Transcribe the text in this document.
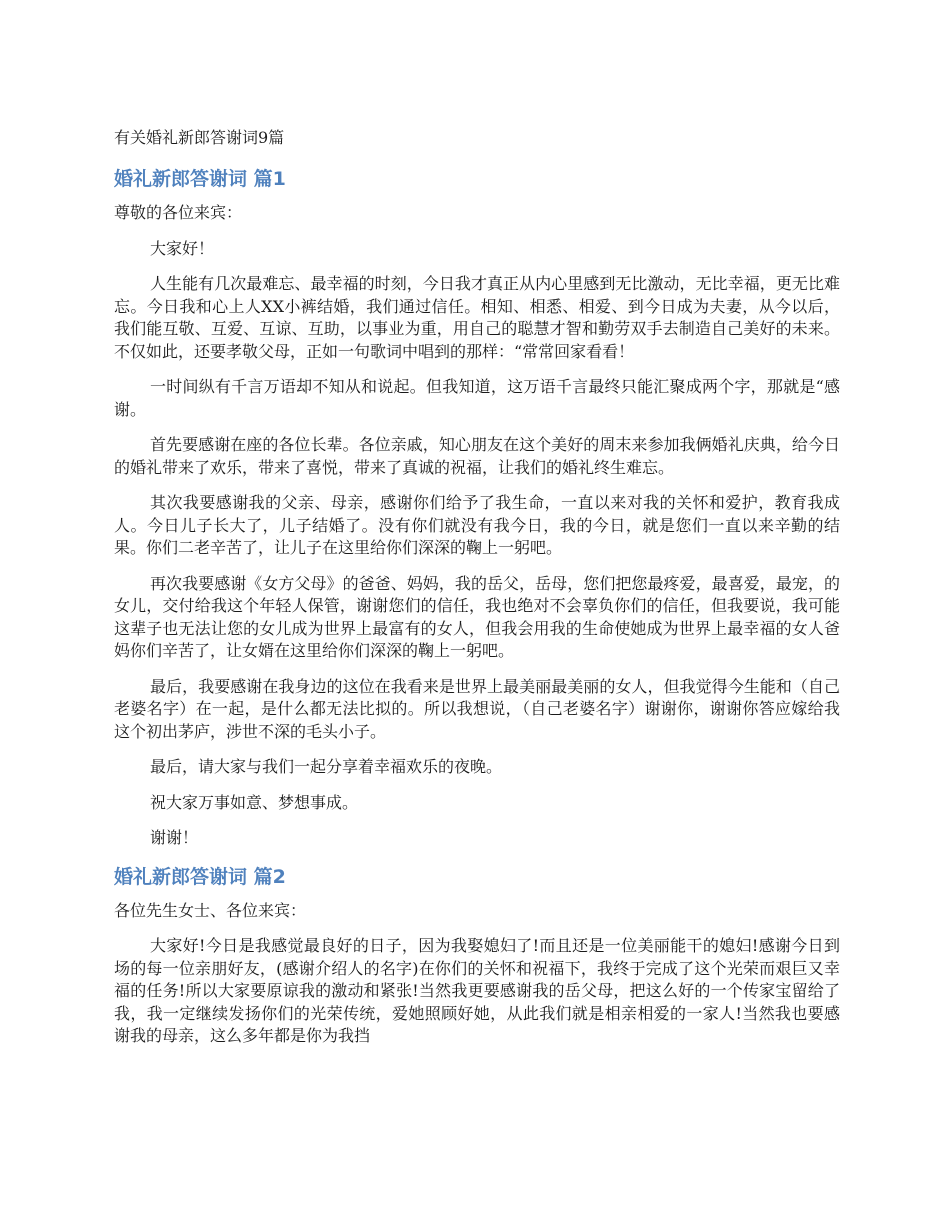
有关婚礼新郎答谢词9篇
婚礼新郎答谢词 篇1

尊敬的各位来宾：

大家好！

人生能有几次最难忘、最幸福的时刻，今日我才真正从内心里感到无比激动，无比幸福，更无比难忘。今日我和心上人XX小裤结婚，我们通过信任。相知、相悉、相爱、到今日成为夫妻，从今以后，我们能互敬、互爱、互谅、互助，以事业为重，用自己的聪慧才智和勤劳双手去制造自己美好的未来。不仅如此，还要孝敬父母，正如一句歌词中唱到的那样：“常常回家看看！

一时间纵有千言万语却不知从和说起。但我知道，这万语千言最终只能汇聚成两个字，那就是“感谢。

首先要感谢在座的各位长辈。各位亲戚，知心朋友在这个美好的周末来参加我俩婚礼庆典，给今日的婚礼带来了欢乐，带来了喜悦，带来了真诚的祝福，让我们的婚礼终生难忘。

其次我要感谢我的父亲、母亲，感谢你们给予了我生命，一直以来对我的关怀和爱护，教育我成人。今日儿子长大了，儿子结婚了。没有你们就没有我今日，我的今日，就是您们一直以来辛勤的结果。你们二老辛苦了，让儿子在这里给你们深深的鞠上一躬吧。

再次我要感谢《女方父母》的爸爸、妈妈，我的岳父，岳母，您们把您最疼爱，最喜爱，最宠，的女儿，交付给我这个年轻人保管，谢谢您们的信任，我也绝对不会辜负你们的信任，但我要说，我可能这辈子也无法让您的女儿成为世界上最富有的女人，但我会用我的生命使她成为世界上最幸福的女人爸妈你们辛苦了，让女婿在这里给你们深深的鞠上一躬吧。

最后，我要感谢在我身边的这位在我看来是世界上最美丽最美丽的女人，但我觉得今生能和（自己老婆名字）在一起，是什么都无法比拟的。所以我想说，（自己老婆名字）谢谢你，谢谢你答应嫁给我这个初出茅庐，涉世不深的毛头小子。

最后，请大家与我们一起分享着幸福欢乐的夜晚。

祝大家万事如意、梦想事成。

谢谢！

婚礼新郎答谢词 篇2

各位先生女士、各位来宾：

大家好!今日是我感觉最良好的日子，因为我娶媳妇了!而且还是一位美丽能干的媳妇!感谢今日到场的每一位亲朋好友，(感谢介绍人的名字)在你们的关怀和祝福下，我终于完成了这个光荣而艰巨又幸福的任务!所以大家要原谅我的激动和紧张!当然我更要感谢我的岳父母，把这么好的一个传家宝留给了我，我一定继续发扬你们的光荣传统，爱她照顾好她，从此我们就是相亲相爱的一家人!当然我也要感谢我的母亲，这么多年都是你为我挡
